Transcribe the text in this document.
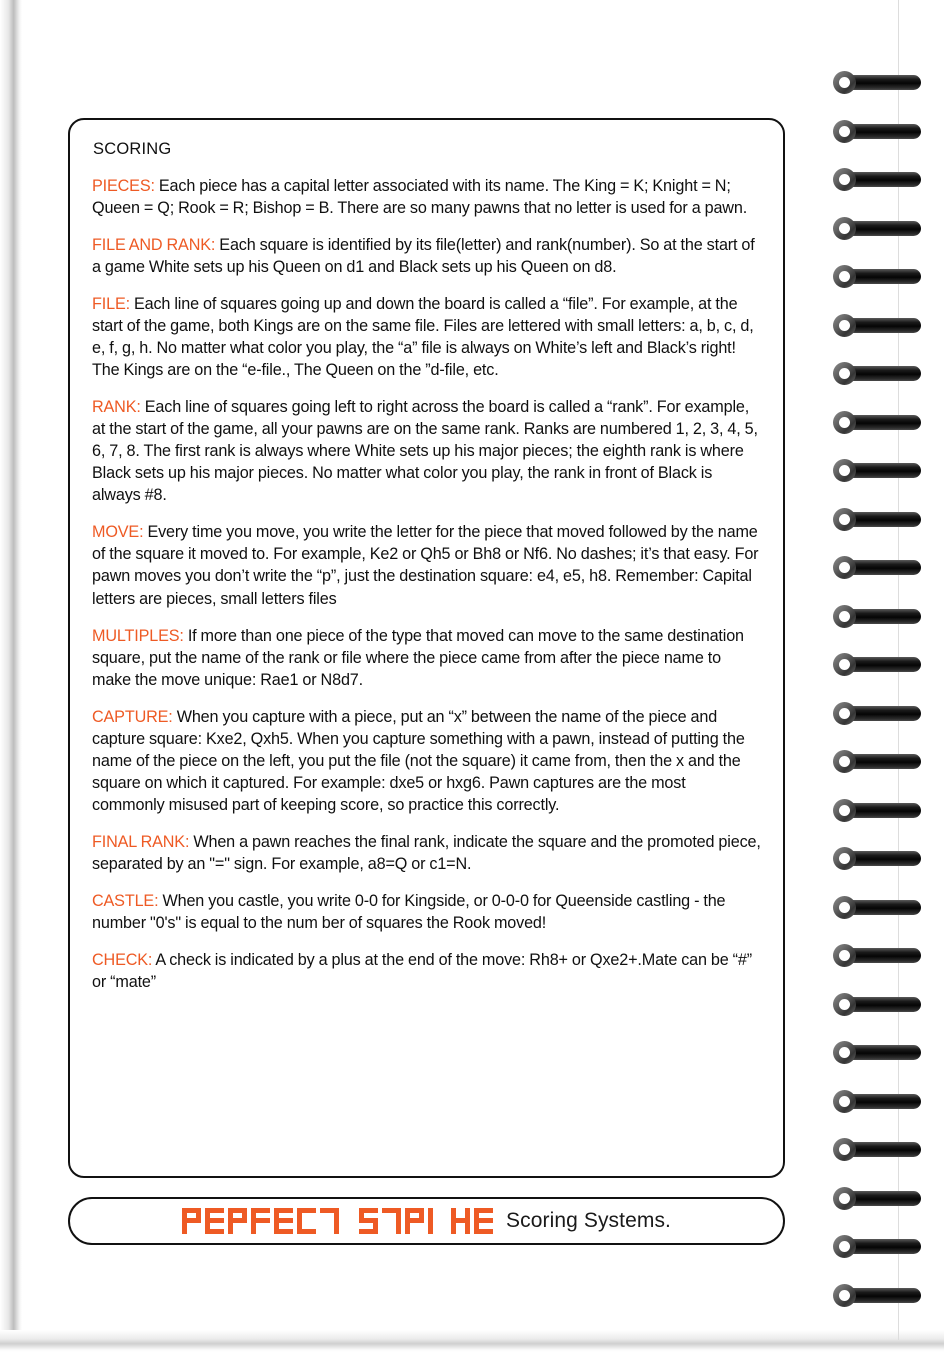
SCORING

PIECES: Each piece has a capital letter associated with its name. The King = K; Knight = N; Queen = Q; Rook = R; Bishop = B. There are so many pawns that no letter is used for a pawn.

FILE AND RANK: Each square is identified by its file(letter) and rank(number). So at the start of a game White sets up his Queen on d1 and Black sets up his Queen on d8.

FILE: Each line of squares going up and down the board is called a “file”. For example, at the start of the game, both Kings are on the same file. Files are lettered with small letters: a, b, c, d, e, f, g, h. No matter what color you play, the “a” file is always on White’s left and Black’s right! The Kings are on the “e-file., The Queen on the ”d-file, etc.

RANK: Each line of squares going left to right across the board is called a “rank”. For example, at the start of the game, all your pawns are on the same rank. Ranks are numbered 1, 2, 3, 4, 5, 6, 7, 8. The first rank is always where White sets up his major pieces; the eighth rank is where Black sets up his major pieces. No matter what color you play, the rank in front of Black is always #8.

MOVE: Every time you move, you write the letter for the piece that moved followed by the name of the square it moved to. For example, Ke2 or Qh5 or Bh8 or Nf6. No dashes; it’s that easy. For pawn moves you don’t write the “p”, just the destination square: e4, e5, h8. Remember: Capital letters are pieces, small letters files

MULTIPLES: If more than one piece of the type that moved can move to the same destination square, put the name of the rank or file where the piece came from after the piece name to make the move unique: Rae1 or N8d7.

CAPTURE: When you capture with a piece, put an “x” between the name of the piece and capture square: Kxe2, Qxh5. When you capture something with a pawn, instead of putting the name of the piece on the left, you put the file (not the square) it came from, then the x and the square on which it captured. For example: dxe5 or hxg6. Pawn captures are the most commonly misused part of keeping score, so practice this correctly.

FINAL RANK: When a pawn reaches the final rank, indicate the square and the promoted piece, separated by an "=" sign. For example, a8=Q or c1=N.

CASTLE: When you castle, you write 0-0 for Kingside, or 0-0-0 for Queenside castling - the number "0's" is equal to the num ber of squares the Rook moved!

CHECK: A check is indicated by a plus at the end of the move: Rh8+ or Qxe2+.Mate can be “#” or “mate”

Scoring Systems.
